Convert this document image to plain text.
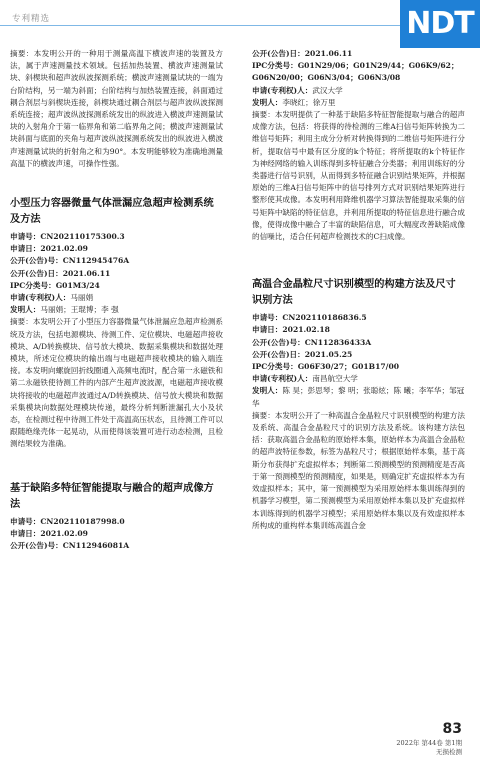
专利精选	NDT

摘要：本发明公开的一种用于测量高温下横波声速的装置及方法，属于声速测量技术领域。包括加热装置、横波声速测量试块、斜楔块和超声波纵波探测系统；横波声速测量试块的一端为台阶结构，另一端为斜面；台阶结构与加热装置连接，斜面通过耦合剂层与斜楔块连接，斜楔块通过耦合剂层与超声波纵波探测系统连接；超声波纵波探测系统发出的纵波进入横波声速测量试块的入射角介于第一临界角和第二临界角之间；横波声速测量试块斜面与底面的夹角与超声波纵波探测系统发出的纵波进入横波声速测量试块的折射角之和为90°。本发明能够较为准确地测量高温下的横波声速，可操作性强。

小型压力容器微量气体泄漏应急超声检测系统及方法

申请号：CN202110175300.3

申请日：2021.02.09

公开(公告)号：CN112945476A

公开(公告)日：2021.06.11

IPC分类号：G01M3/24

申请(专利权)人：马丽娟

发明人：马丽娟；王琨博；李 强

摘要：本发明公开了小型压力容器微量气体泄漏应急超声检测系统及方法，包括电源模块、待测工件、定位模块、电磁超声接收模块、A/D转换模块、信号放大模块、数据采集模块和数据处理模块，所述定位模块的输出端与电磁超声接收模块的输入端连接。本发明向螺旋回折线圈通入高频电流时，配合第一永磁铁和第二永磁铁使待测工件的内部产生超声波波源，电磁超声接收模块将接收的电磁超声波通过A/D转换模块、信号放大模块和数据采集模块向数据处理模块传递，最终分析判断泄漏孔大小及状态，在检测过程中待测工件处于高温高压状态，且待测工件可以跟随绝缘壳体一起晃动，从而使得该装置可进行动态检测，且检测结果较为准确。

基于缺陷多特征智能提取与融合的超声成像方法

申请号：CN202110187998.0

申请日：2021.02.09

公开(公告)号：CN112946081A

公开(公告)日：2021.06.11

IPC分类号：G01N29/06；G01N29/44；G06K9/62；G06N20/00；G06N3/04；G06N3/08

申请(专利权)人：武汉大学

发明人：李晓红；徐万里

摘要：本发明提供了一种基于缺陷多特征智能提取与融合的超声成像方法，包括：将获得的待检测的三维A扫信号矩阵转换为二维信号矩阵；利用主成分分析对转换得到的二维信号矩阵进行分析，提取信号中最有区分度的k个特征；将所提取的k个特征作为神经网络的输入训练得到多特征融合分类器；利用训练好的分类器进行信号识别，从而得到多特征融合识别结果矩阵，并根据原始的三维A扫信号矩阵中的信号排列方式对识别结果矩阵进行整形使其成像。本发明利用降维机器学习算法智能提取采集的信号矩阵中缺陷的特征信息，并利用所提取的特征信息进行融合成像，使得成像中融合了丰富的缺陷信息，可大幅度改善缺陷成像的信噪比，适合任何超声检测技术的C扫成像。

高温合金晶粒尺寸识别模型的构建方法及尺寸识别方法

申请号：CN202110186836.5

申请日：2021.02.18

公开(公告)号：CN112836433A

公开(公告)日：2021.05.25

IPC分类号：G06F30/27；G01B17/00

申请(专利权)人：南昌航空大学

发明人：陈 昊；彭思琴；黎 明；张聪炫；陈 曦；李军华；邹冠华

摘要：本发明公开了一种高温合金晶粒尺寸识别模型的构建方法及系统、高温合金晶粒尺寸的识别方法及系统。该构建方法包括：获取高温合金晶粒的原始样本集，原始样本为高温合金晶粒的超声波特征参数，标签为晶粒尺寸；根据原始样本集，基于高斯分布获得扩充虚拟样本；判断第二预测模型的预测精度是否高于第一预测模型的预测精度，如果是，则确定扩充虚拟样本为有效虚拟样本；其中，第一预测模型为采用原始样本集训练得到的机器学习模型，第二预测模型为采用原始样本集以及扩充虚拟样本训练得到的机器学习模型；采用原始样本集以及有效虚拟样本所构成的重构样本集训练高温合金

83
2022年 第44卷 第1期
无损检测
